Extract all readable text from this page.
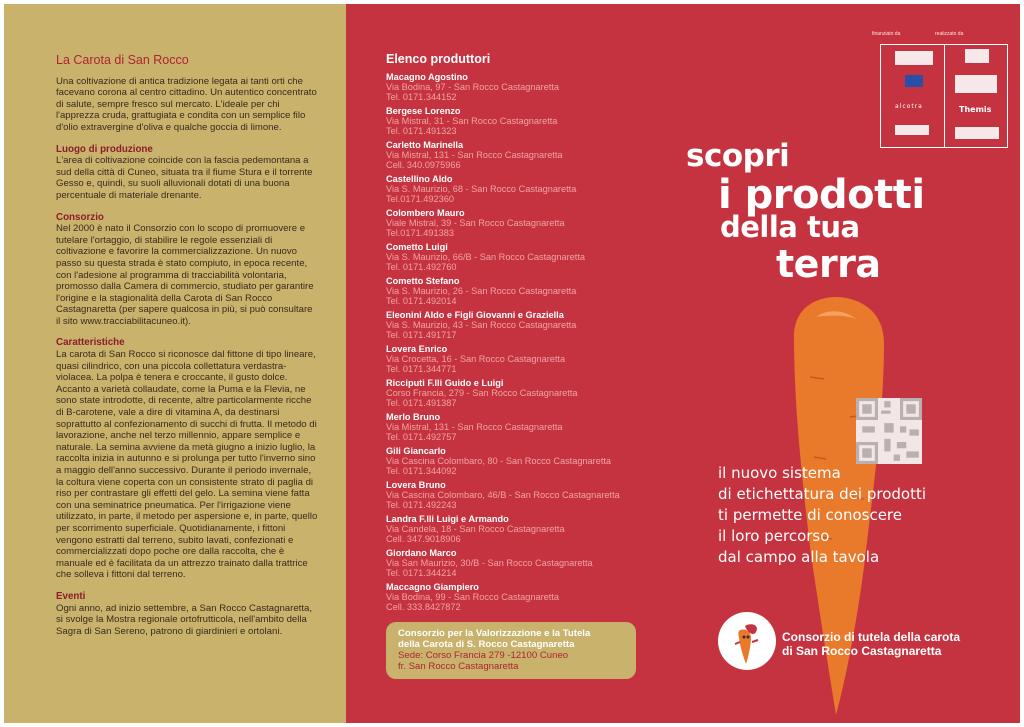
La Carota di San Rocco

Una coltivazione di antica tradizione legata ai tanti orti che facevano corona al centro cittadino. Un autentico concentrato di salute, sempre fresco sul mercato. L'ideale per chi l'apprezza cruda, grattugiata e condita con un semplice filo d'olio extravergine d'oliva e qualche goccia di limone.

Luogo di produzione

L'area di coltivazione coincide con la fascia pedemontana a sud della città di Cuneo, situata tra il fiume Stura e il torrente Gesso e, quindi, su suoli alluvionali dotati di una buona percentuale di materiale drenante.

Consorzio

Nel 2000 è nato il Consorzio con lo scopo di promuovere e tutelare l'ortaggio, di stabilire le regole essenziali di coltivazione e favorire la commercializzazione. Un nuovo passo su questa strada è stato compiuto, in epoca recente, con l'adesione al programma di tracciabilità volontaria, promosso dalla Camera di commercio, studiato per garantire l'origine e la stagionalità della Carota di San Rocco Castagnaretta (per sapere qualcosa in più, si può consultare il sito www.tracciabilitacuneo.it).

Caratteristiche

La carota di San Rocco si riconosce dal fittone di tipo lineare, quasi cilindrico, con una piccola collettatura verdastra-violacea. La polpa è tenera e croccante, il gusto dolce. Accanto a varietà collaudate, come la Puma e la Flevia, ne sono state introdotte, di recente, altre particolarmente ricche di B-carotene, vale a dire di vitamina A, da destinarsi soprattutto al confezionamento di succhi di frutta. Il metodo di lavorazione, anche nel terzo millennio, appare semplice e naturale. La semina avviene da metà giugno a inizio luglio, la raccolta inizia in autunno e si prolunga per tutto l'inverno sino a maggio dell'anno successivo. Durante il periodo invernale, la coltura viene coperta con un consistente strato di paglia di riso per contrastare gli effetti del gelo. La semina viene fatta con una seminatrice pneumatica. Per l'irrigazione viene utilizzato, in parte, il metodo per aspersione e, in parte, quello per scorrimento superficiale. Quotidianamente, i fittoni vengono estratti dal terreno, subito lavati, confezionati e commercializzati dopo poche ore dalla raccolta, che è manuale ed è facilitata da un attrezzo trainato dalla trattrice che solleva i fittoni dal terreno.

Eventi

Ogni anno, ad inizio settembre, a San Rocco Castagnaretta, si svolge la Mostra regionale ortofrutticola, nell'ambito della Sagra di San Sereno, patrono di giardinieri e ortolani.

Elenco produttori
Macagno Agostino
Via Bodina, 97 - San Rocco Castagnaretta
Tel. 0171.344152
Bergese Lorenzo
Via Mistral, 31 - San Rocco Castagnaretta
Tel. 0171.491323
Carletto Marinella
Via Mistral, 131 - San Rocco Castagnaretta
Cell. 340.0975966
Castellino Aldo
Via S. Maurizio, 68 - San Rocco Castagnaretta
Tel.0171.492360
Colombero Mauro
Viale Mistral, 39 - San Rocco Castagnaretta
Tel.0171.491383
Cometto Luigi
Via S. Maurizio, 66/B - San Rocco Castagnaretta
Tel. 0171.492760
Cometto Stefano
Via S. Maurizio, 26 - San Rocco Castagnaretta
Tel. 0171.492014
Eleonini Aldo e Figli Giovanni e Graziella
Via S. Maurizio, 43 - San Rocco Castagnaretta
Tel. 0171.491717
Lovera Enrico
Via Crocetta, 16 - San Rocco Castagnaretta
Tel. 0171.344771
Ricciputi F.lli Guido e Luigi
Corso Francia, 279 - San Rocco Castagnaretta
Tel. 0171.491387
Merlo Bruno
Via Mistral, 131 - San Rocco Castagnaretta
Tel. 0171.492757
Gili Giancarlo
Via Cascina Colombaro, 80 - San Rocco Castagnaretta
Tel. 0171.344092
Lovera Bruno
Via Cascina Colombaro, 46/B - San Rocco Castagnaretta
Tel. 0171.492243
Landra F.lli Luigi e Armando
Via Candela, 18 - San Rocco Castagnaretta
Cell. 347.9018906
Giordano Marco
Via San Maurizio, 30/B - San Rocco Castagnaretta
Tel. 0171.344214
Maccagno Giampiero
Via Bodina, 99 - San Rocco Castagnaretta
Cell. 333.8427872
Consorzio per la Valorizzazione e la Tutela
della Carota di S. Rocco Castagnaretta
Sede: Corso Francia 279 -12100 Cuneo
fr. San Rocco Castagnaretta
finanziato da	realizzato da
alcotra	Themis
scopri
i prodotti
della tua
terra

il nuovo sistema

di etichettatura dei prodotti

ti permette di conoscere

il loro percorso

dal campo alla tavola

Consorzio di tutela della carota
di San Rocco Castagnaretta
